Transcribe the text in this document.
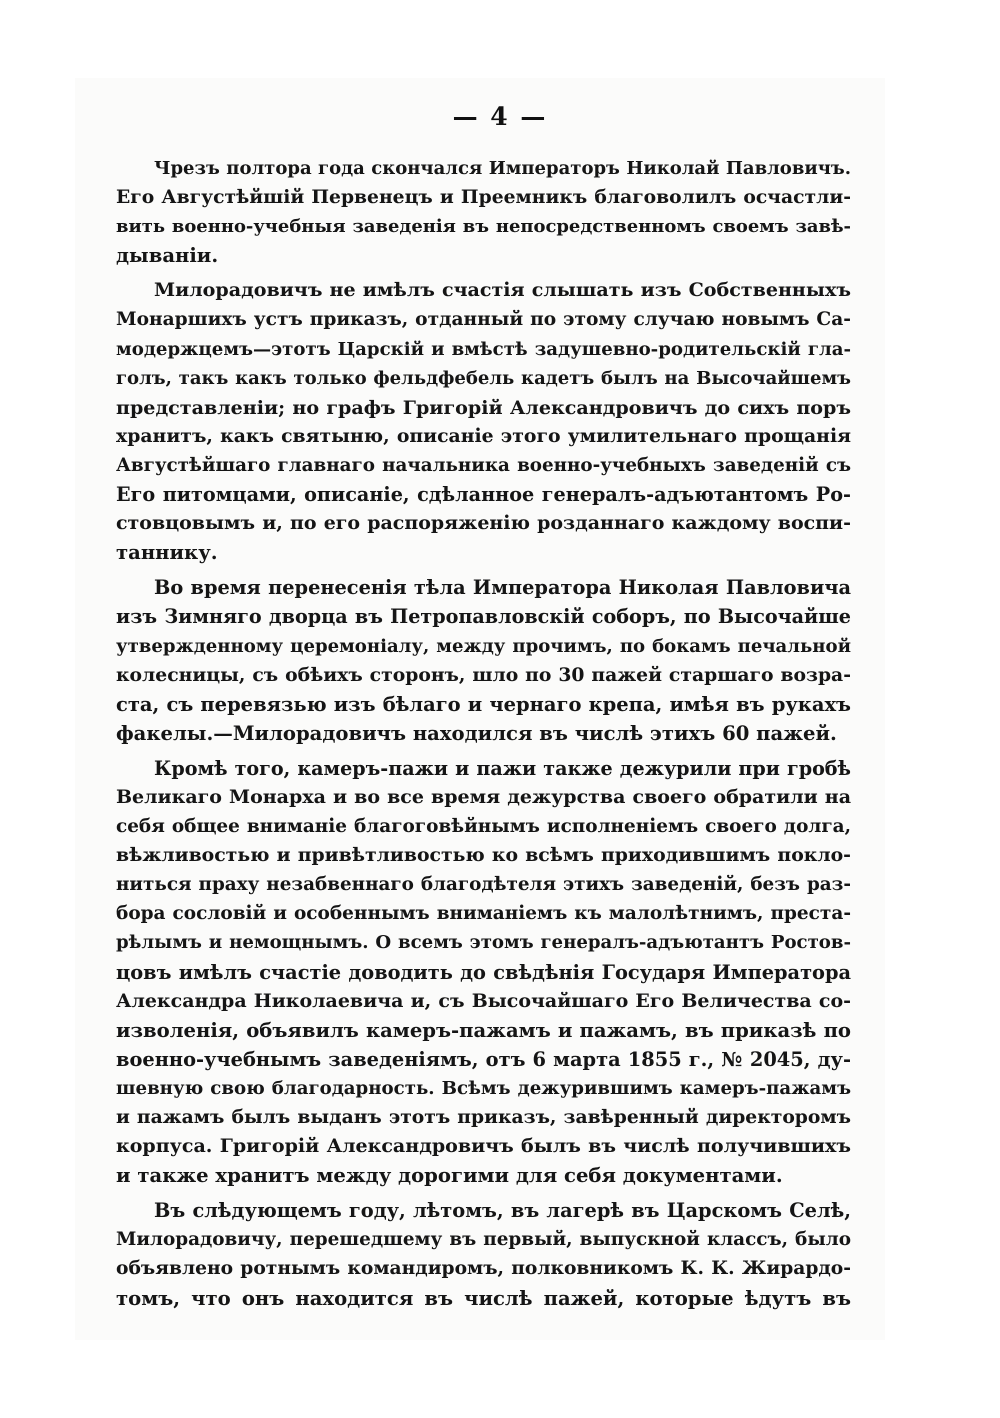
— 4 —
Чрезъ полтора года скончался Императоръ Николай Павловичъ.
Его Августѣйшій Первенецъ и Преемникъ благоволилъ осчастли-
вить военно-учебныя заведенія въ непосредственномъ своемъ завѣ-
дываніи.
Милорадовичъ не имѣлъ счастія слышать изъ Собственныхъ
Монаршихъ устъ приказъ, отданный по этому случаю новымъ Са-
модержцемъ—этотъ Царскій и вмѣстѣ задушевно-родительскій гла-
голъ, такъ какъ только фельдфебель кадетъ былъ на Высочайшемъ
представленіи; но графъ Григорій Александровичъ до сихъ поръ
хранитъ, какъ святыню, описаніе этого умилительнаго прощанія
Августѣйшаго главнаго начальника военно-учебныхъ заведеній съ
Его питомцами, описаніе, сдѣланное генералъ-адъютантомъ Ро-
стовцовымъ и, по его распоряженію розданнаго каждому воспи-
таннику.
Во время перенесенія тѣла Императора Николая Павловича
изъ Зимняго дворца въ Петропавловскій соборъ, по Высочайше
утвержденному церемоніалу, между прочимъ, по бокамъ печальной
колесницы, съ обѣихъ сторонъ, шло по 30 пажей старшаго возра-
ста, съ перевязью изъ бѣлаго и чернаго крепа, имѣя въ рукахъ
факелы.—Милорадовичъ находился въ числѣ этихъ 60 пажей.
Кромѣ того, камеръ-пажи и пажи также дежурили при гробѣ
Великаго Монарха и во все время дежурства своего обратили на
себя общее вниманіе благоговѣйнымъ исполненіемъ своего долга,
вѣжливостью и привѣтливостью ко всѣмъ приходившимъ покло-
ниться праху незабвеннаго благодѣтеля этихъ заведеній, безъ раз-
бора сословій и особеннымъ вниманіемъ къ малолѣтнимъ, преста-
рѣлымъ и немощнымъ. О всемъ этомъ генералъ-адъютантъ Ростов-
цовъ имѣлъ счастіе доводить до свѣдѣнія Государя Императора
Александра Николаевича и, съ Высочайшаго Его Величества со-
изволенія, объявилъ камеръ-пажамъ и пажамъ, въ приказѣ по
военно-учебнымъ заведеніямъ, отъ 6 марта 1855 г., № 2045, ду-
шевную свою благодарность. Всѣмъ дежурившимъ камеръ-пажамъ
и пажамъ былъ выданъ этотъ приказъ, завѣренный директоромъ
корпуса. Григорій Александровичъ былъ въ числѣ получившихъ
и также хранитъ между дорогими для себя документами.
Въ слѣдующемъ году, лѣтомъ, въ лагерѣ въ Царскомъ Селѣ,
Милорадовичу, перешедшему въ первый, выпускной классъ, было
объявлено ротнымъ командиромъ, полковникомъ К. К. Жирардо-
томъ, что онъ находится въ числѣ пажей, которые ѣдутъ въ
